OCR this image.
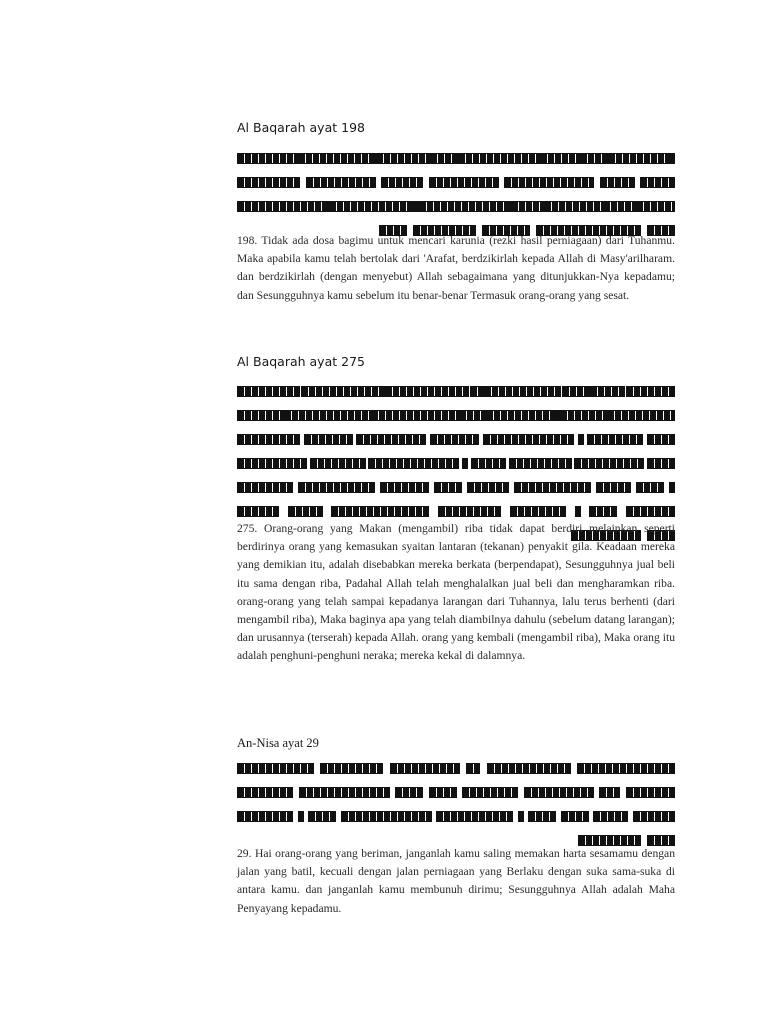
Al Baqarah ayat 198
198. Tidak ada dosa bagimu untuk mencari karunia (rezki hasil perniagaan) dari Tuhanmu. Maka apabila kamu telah bertolak dari 'Arafat, berdzikirlah kepada Allah di Masy'arilharam. dan berdzikirlah (dengan menyebut) Allah sebagaimana yang ditunjukkan-Nya kepadamu; dan Sesungguhnya kamu sebelum itu benar-benar Termasuk orang-orang yang sesat.
Al Baqarah ayat 275
275. Orang-orang yang Makan (mengambil) riba tidak dapat berdiri melainkan seperti berdirinya orang yang kemasukan syaitan lantaran (tekanan) penyakit gila. Keadaan mereka yang demikian itu, adalah disebabkan mereka berkata (berpendapat), Sesungguhnya jual beli itu sama dengan riba, Padahal Allah telah menghalalkan jual beli dan mengharamkan riba. orang-orang yang telah sampai kepadanya larangan dari Tuhannya, lalu terus berhenti (dari mengambil riba), Maka baginya apa yang telah diambilnya dahulu (sebelum datang larangan); dan urusannya (terserah) kepada Allah. orang yang kembali (mengambil riba), Maka orang itu adalah penghuni-penghuni neraka; mereka kekal di dalamnya.
An-Nisa ayat 29
29. Hai orang-orang yang beriman, janganlah kamu saling memakan harta sesamamu dengan jalan yang batil, kecuali dengan jalan perniagaan yang Berlaku dengan suka sama-suka di antara kamu. dan janganlah kamu membunuh dirimu; Sesungguhnya Allah adalah Maha Penyayang kepadamu.
